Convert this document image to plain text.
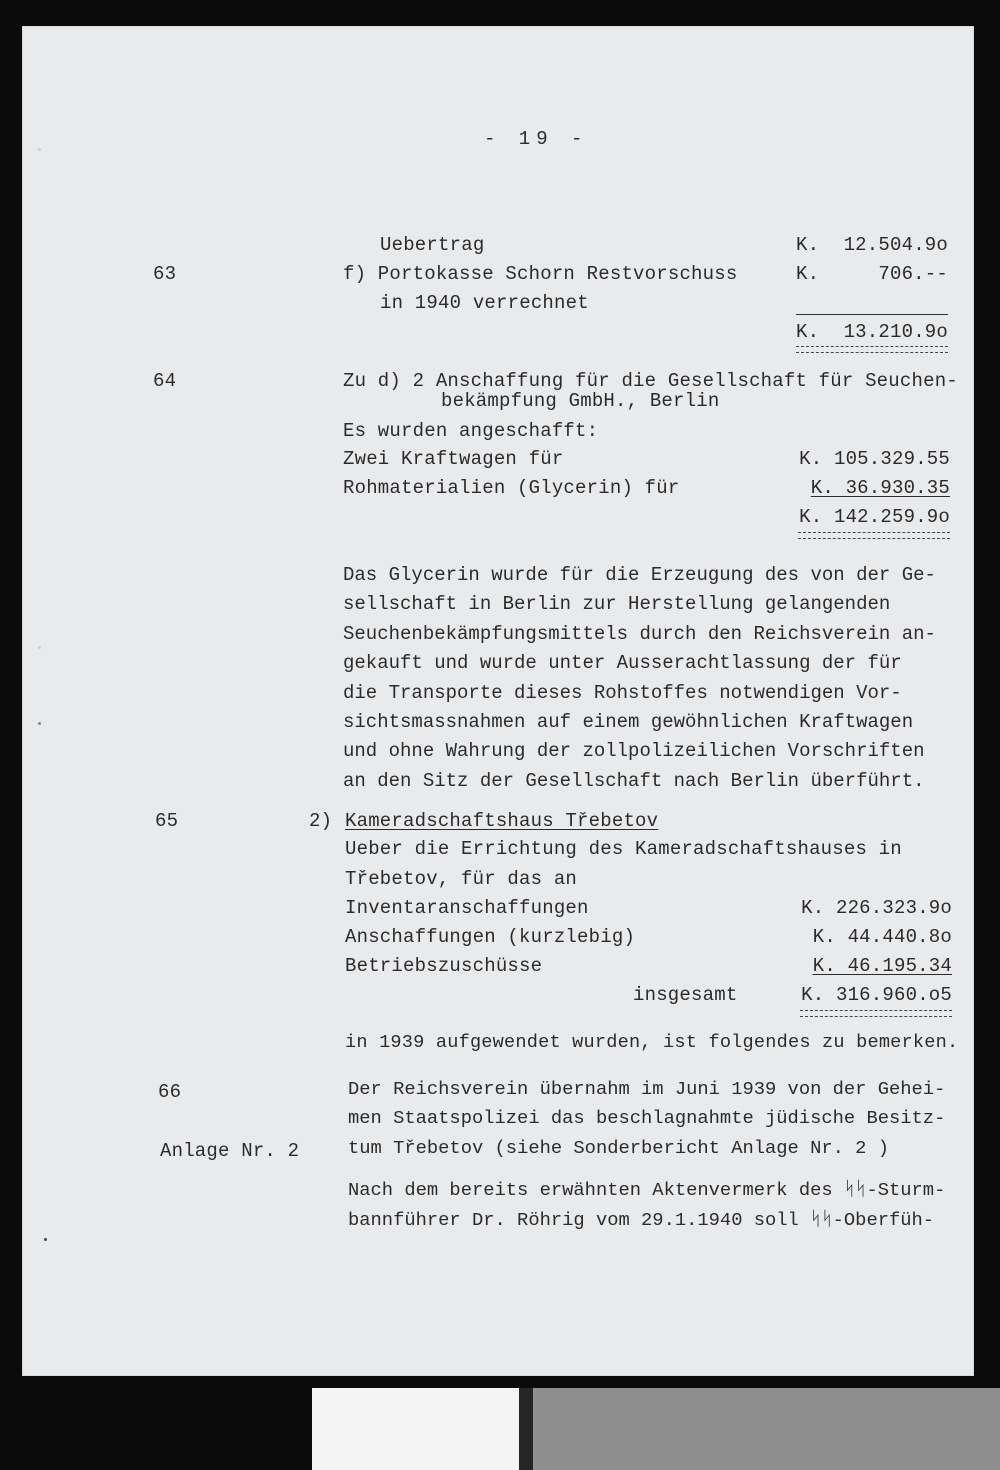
- 19 -
63
Uebertrag	K.	12.504.9o
f) Portokasse Schorn Restvorschuss	K.	706.--
in 1940 verrechnet
K.	13.210.9o
64	Zu d) 2 Anschaffung für die Gesellschaft für Seuchen-
bekämpfung GmbH., Berlin
Es wurden angeschafft:
Zwei Kraftwagen für	K. 105.329.55
Rohmaterialien (Glycerin) für	K. 36.930.35
K. 142.259.9o
Das Glycerin wurde für die Erzeugung des von der Ge-
sellschaft in Berlin zur Herstellung gelangenden
Seuchenbekämpfungsmittels durch den Reichsverein an-
gekauft und wurde unter Ausserachtlassung der für
die Transporte dieses Rohstoffes notwendigen Vor-
sichtsmassnahmen auf einem gewöhnlichen Kraftwagen
und ohne Wahrung der zollpolizeilichen Vorschriften
an den Sitz der Gesellschaft nach Berlin überführt.
65	2) Kameradschaftshaus Třebetov
Ueber die Errichtung des Kameradschaftshauses in
Třebetov, für das an
Inventaranschaffungen	K. 226.323.9o
Anschaffungen (kurzlebig)	K. 44.440.8o
Betriebszuschüsse	K. 46.195.34
insgesamt	K. 316.960.o5
in 1939 aufgewendet wurden, ist folgendes zu bemerken.
66
Anlage Nr. 2
Der Reichsverein übernahm im Juni 1939 von der Gehei-
men Staatspolizei das beschlagnahmte jüdische Besitz-
tum Třebetov (siehe Sonderbericht Anlage Nr. 2 )
Nach dem bereits erwähnten Aktenvermerk des ᛋᛋ-Sturm-
bannführer Dr. Röhrig vom 29.1.1940 soll ᛋᛋ-Oberfüh-
